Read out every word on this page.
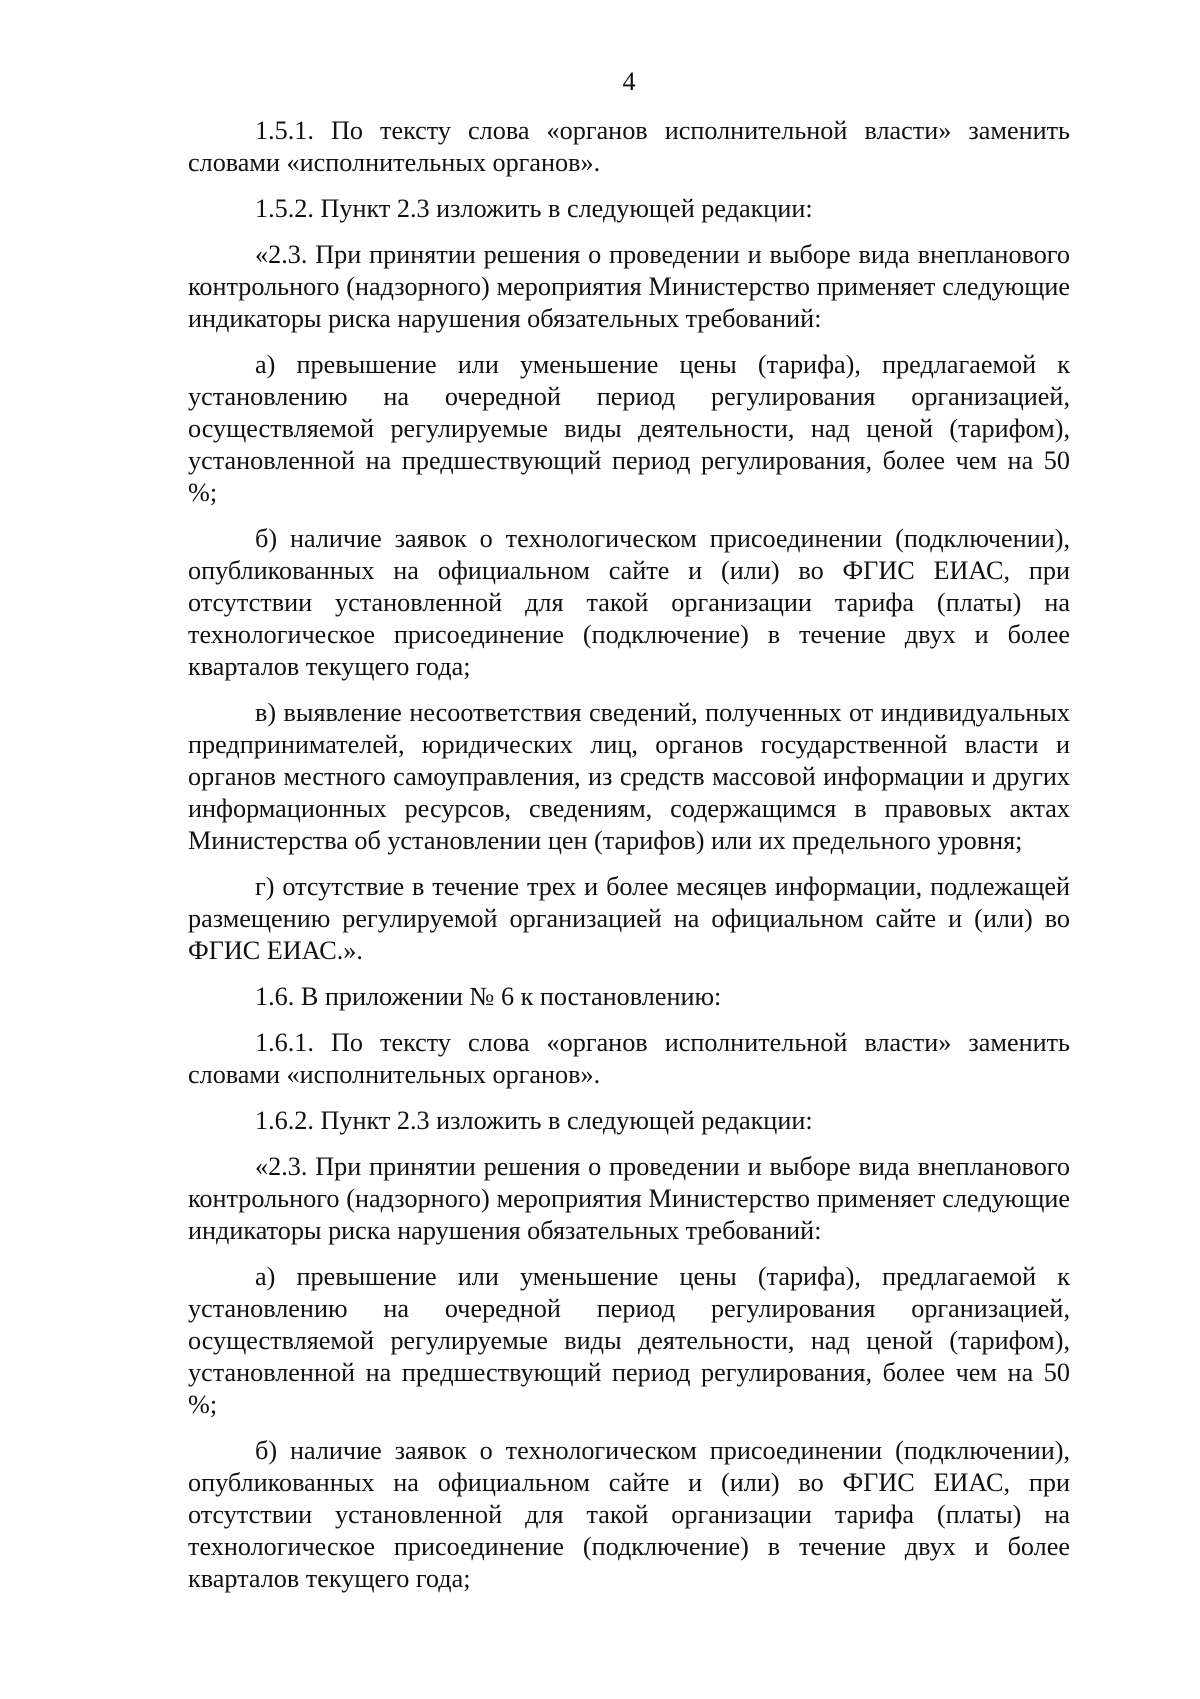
4

1.5.1. По тексту слова «органов исполнительной власти» заменить словами «исполнительных органов».

1.5.2. Пункт 2.3 изложить в следующей редакции:

«2.3. При принятии решения о проведении и выборе вида внепланового контрольного (надзорного) мероприятия Министерство применяет следующие индикаторы риска нарушения обязательных требований:

а) превышение или уменьшение цены (тарифа), предлагаемой к установлению на очередной период регулирования организацией, осуществляемой регулируемые виды деятельности, над ценой (тарифом), установленной на предшествующий период регулирования, более чем на 50 %;

б) наличие заявок о технологическом присоединении (подключении), опубликованных на официальном сайте и (или) во ФГИС ЕИАС, при отсутствии установленной для такой организации тарифа (платы) на технологическое присоединение (подключение) в течение двух и более кварталов текущего года;

в) выявление несоответствия сведений, полученных от индивидуальных предпринимателей, юридических лиц, органов государственной власти и органов местного самоуправления, из средств массовой информации и других информационных ресурсов, сведениям, содержащимся в правовых актах Министерства об установлении цен (тарифов) или их предельного уровня;

г) отсутствие в течение трех и более месяцев информации, подлежащей размещению регулируемой организацией на официальном сайте и (или) во ФГИС ЕИАС.».

1.6. В приложении № 6 к постановлению:

1.6.1. По тексту слова «органов исполнительной власти» заменить словами «исполнительных органов».

1.6.2. Пункт 2.3 изложить в следующей редакции:

«2.3. При принятии решения о проведении и выборе вида внепланового контрольного (надзорного) мероприятия Министерство применяет следующие индикаторы риска нарушения обязательных требований:

а) превышение или уменьшение цены (тарифа), предлагаемой к установлению на очередной период регулирования организацией, осуществляемой регулируемые виды деятельности, над ценой (тарифом), установленной на предшествующий период регулирования, более чем на 50 %;

б) наличие заявок о технологическом присоединении (подключении), опубликованных на официальном сайте и (или) во ФГИС ЕИАС, при отсутствии установленной для такой организации тарифа (платы) на технологическое присоединение (подключение) в течение двух и более кварталов текущего года;
